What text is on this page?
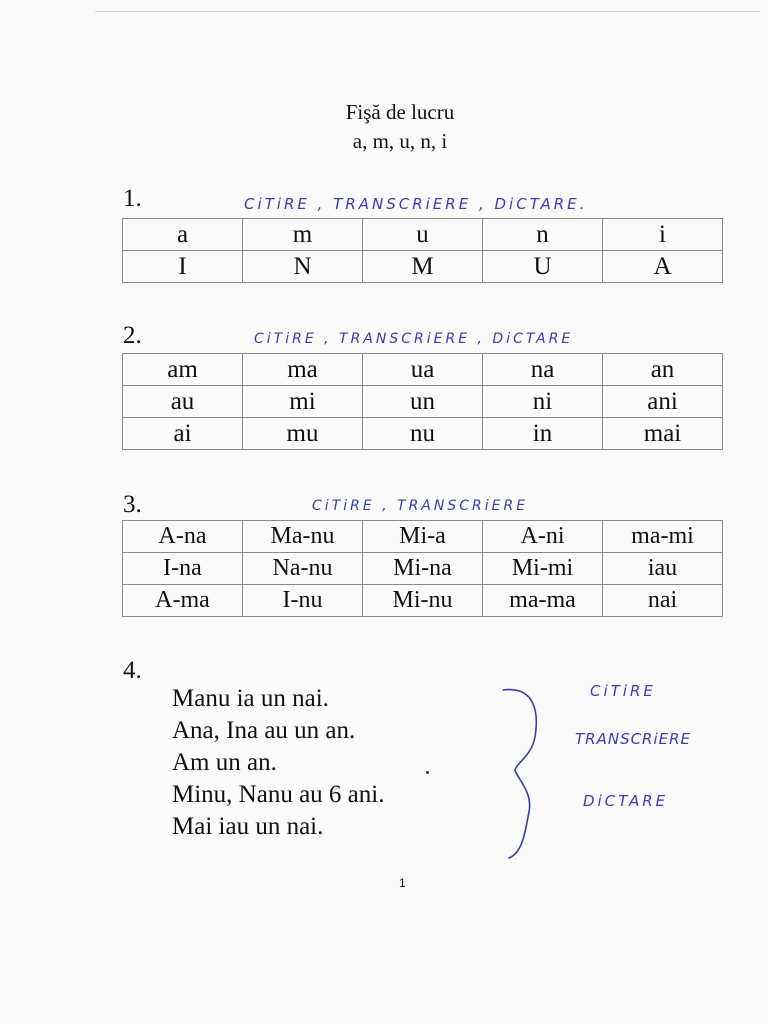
Fişă de lucru
a, m, u, n, i
1.	CiTiRE , TRANSCRiERE , DiCTARE.
a	m	u	n	i
I	N	M	U	A
2.	CiTiRE , TRANSCRiERE , DiCTARE
am	ma	ua	na	an
au	mi	un	ni	ani
ai	mu	nu	in	mai
3.	CiTiRE , TRANSCRiERE
A-na	Ma-nu	Mi-a	A-ni	ma-mi
I-na	Na-nu	Mi-na	Mi-mi	iau
A-ma	I-nu	Mi-nu	ma-ma	nai
4.
Manu ia un nai.
Ana, Ina au un an.
Am un an.
Minu, Nanu au 6 ani.
Mai iau un nai.
CiTiRE
TRANSCRiERE
DiCTARE
1
